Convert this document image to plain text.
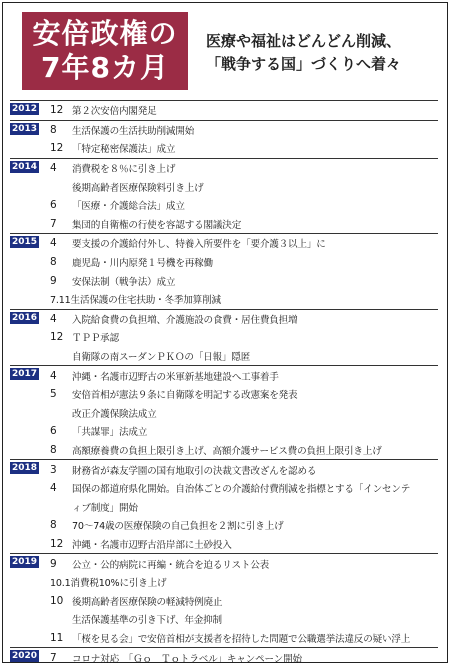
安倍政権の
7年8カ月
医療や福祉はどんどん削減、
「戦争する国」づくりへ着々
2012 12 第２次安倍内閣発足
2013 8	生活保護の生活扶助削減開始
12 「特定秘密保護法」成立
2014 4	消費税を８％に引き上げ
後期高齢者医療保険料引き上げ
6	「医療・介護総合法」成立
7	集団的自衛権の行使を容認する閣議決定
2015 4	要支援の介護給付外し、特養入所要件を「要介護３以上」に
8	鹿児島・川内原発１号機を再稼働
9	安保法制（戦争法）成立
7.11生活保護の住宅扶助・冬季加算削減
2016 4	入院給食費の負担増、介護施設の食費・居住費負担増
12 ＴＰＰ承認
自衛隊の南スーダンＰＫＯの「日報」隠匿
2017 4	沖縄・名護市辺野古の米軍新基地建設へ工事着手
5	安倍首相が憲法９条に自衛隊を明記する改憲案を発表
改正介護保険法成立
6	「共謀罪」法成立
8	高額療養費の負担上限引き上げ、高額介護サービス費の負担上限引き上げ
2018 3	財務省が森友学園の国有地取引の決裁文書改ざんを認める
4	国保の都道府県化開始。自治体ごとの介護給付費削減を指標とする「インセンテ
ィブ制度」開始
8	70～74歳の医療保険の自己負担を２割に引き上げ
12 沖縄・名護市辺野古沿岸部に土砂投入
2019 9	公立・公的病院に再編・統合を迫るリスト公表
10.1消費税10%に引き上げ
10 後期高齢者医療保険の軽減特例廃止
生活保護基準の引き下げ、年金抑制
11 「桜を見る会」で安倍首相が支援者を招待した問題で公職選挙法違反の疑い浮上
2020 7	コロナ対応　「Ｇｏ　Ｔｏトラベル」キャンペーン開始
